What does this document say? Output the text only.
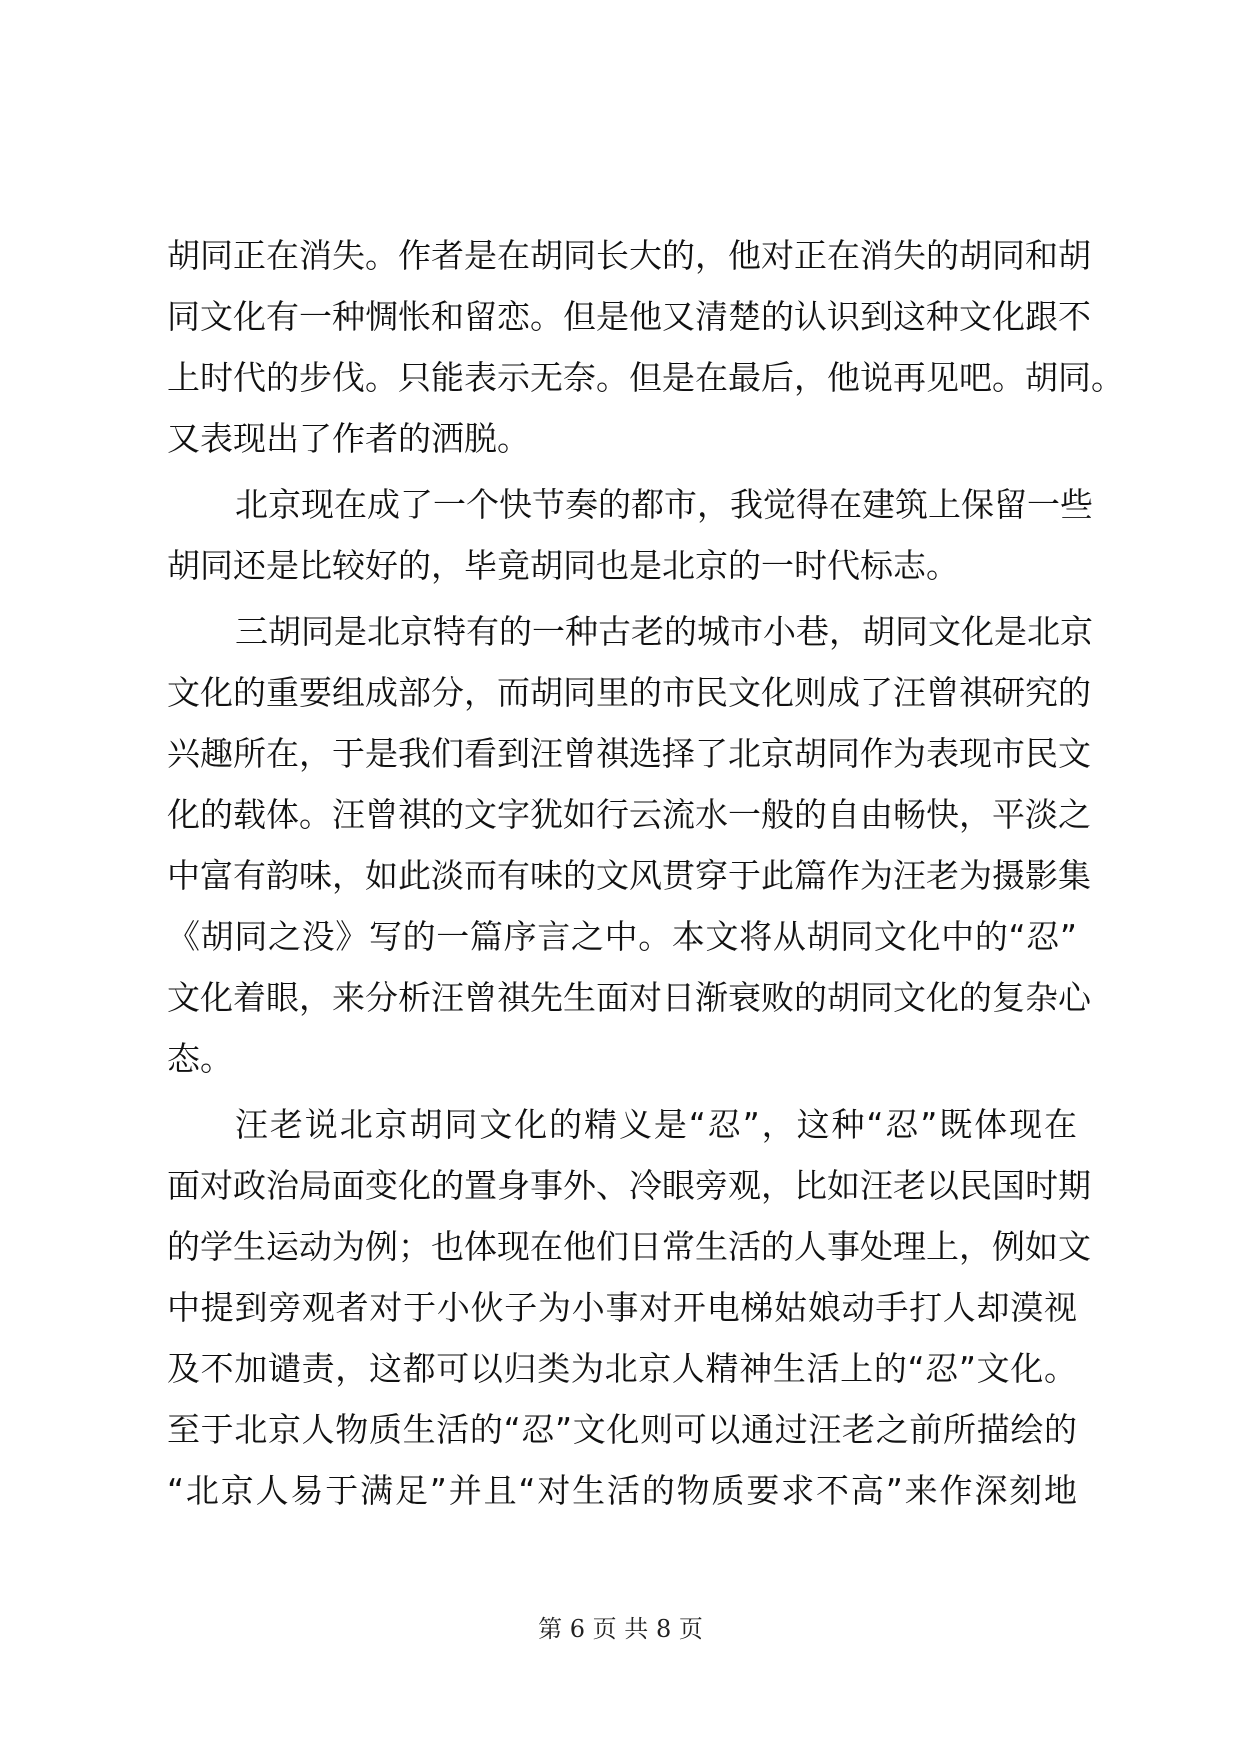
胡同正在消失。作者是在胡同长大的，他对正在消失的胡同和胡
同文化有一种惆怅和留恋。但是他又清楚的认识到这种文化跟不
上时代的步伐。只能表示无奈。但是在最后，他说再见吧。胡同。
又表现出了作者的洒脱。
北京现在成了一个快节奏的都市，我觉得在建筑上保留一些
胡同还是比较好的，毕竟胡同也是北京的一时代标志。
三胡同是北京特有的一种古老的城市小巷，胡同文化是北京
文化的重要组成部分，而胡同里的市民文化则成了汪曾祺研究的
兴趣所在，于是我们看到汪曾祺选择了北京胡同作为表现市民文
化的载体。汪曾祺的文字犹如行云流水一般的自由畅快，平淡之
中富有韵味，如此淡而有味的文风贯穿于此篇作为汪老为摄影集
《胡同之没》写的一篇序言之中。本文将从胡同文化中的“忍”
文化着眼，来分析汪曾祺先生面对日渐衰败的胡同文化的复杂心
态。
汪老说北京胡同文化的精义是“忍”，这种“忍”既体现在
面对政治局面变化的置身事外、冷眼旁观，比如汪老以民国时期
的学生运动为例；也体现在他们日常生活的人事处理上，例如文
中提到旁观者对于小伙子为小事对开电梯姑娘动手打人却漠视
及不加谴责，这都可以归类为北京人精神生活上的“忍”文化。
至于北京人物质生活的“忍”文化则可以通过汪老之前所描绘的
“北京人易于满足”并且“对生活的物质要求不高”来作深刻地
第 6 页 共 8 页
